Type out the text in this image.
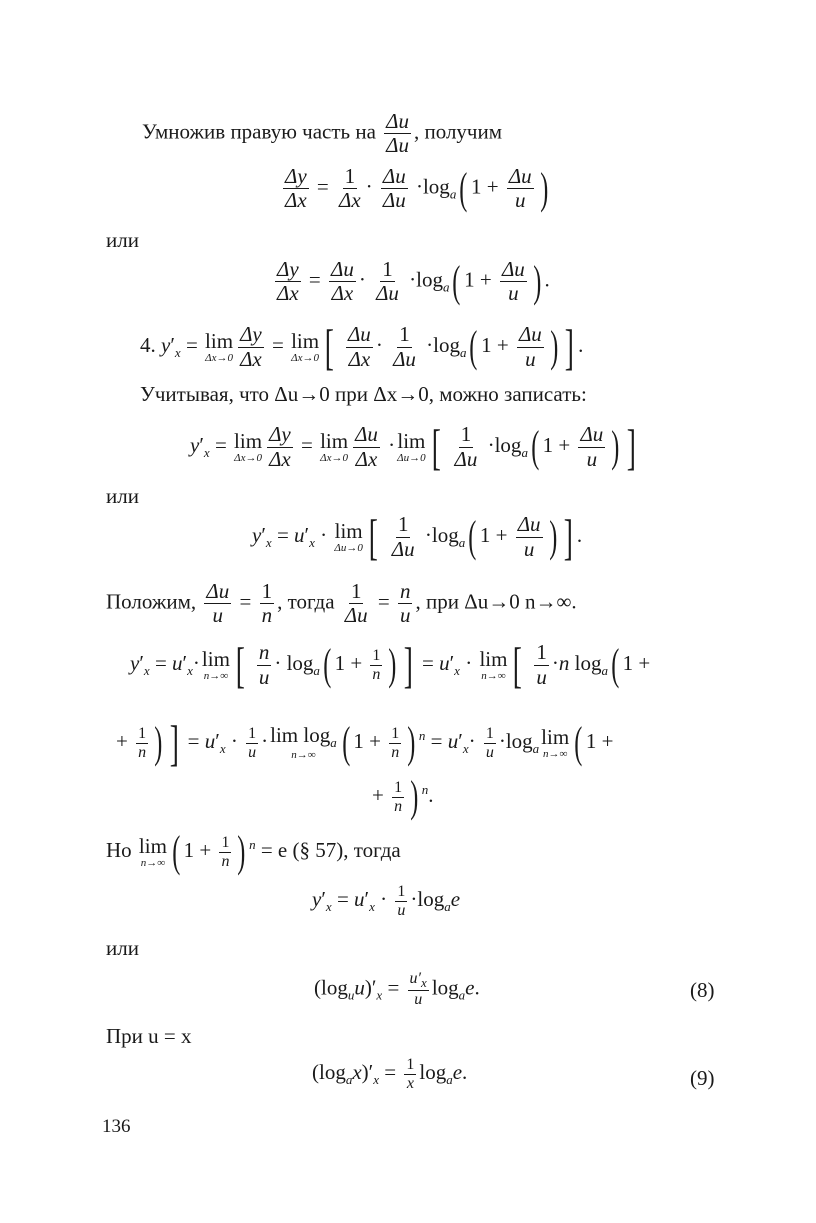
Умножив правую часть на $\frac{\Delta u}{\Delta u}$ , получим
$\frac{\Delta y}{\Delta x} = \frac{1}{\Delta x} \cdot \frac{\Delta u}{\Delta u} \cdot\log_a$( $1 + \frac{\Delta u}{u}$ )
или
$\frac{\Delta y}{\Delta x} = \frac{\Delta u}{\Delta x} \cdot \frac{1}{\Delta u} \cdot\log_a$( $1 + \frac{\Delta u}{u}$ ) .
4. $y'_x = \lim$
$\Delta x\to 0 \frac{\Delta y}{\Delta x} = \lim$
Δx→0 [ $\frac{\Delta u}{\Delta x} \cdot \frac{1}{\Delta u} \cdot\log_a$( $1 + \frac{\Delta u}{u}$ ) ] .
Учитывая, что Δu→0 при Δx→0, можно записать:
$y'_x = \lim$
$\Delta x\to 0 \frac{\Delta y}{\Delta x} = \lim$
$\Delta x\to 0 \frac{\Delta u}{\Delta x} \cdot \lim$
Δu→0 [ $\frac{1}{\Delta u} \cdot\log_a$( $1 + \frac{\Delta u}{u}$ ) ]
или
$y'_x = u'_x \cdot \lim$
Δu→0 [ $\frac{1}{\Delta u} \cdot\log_a$( $1 + \frac{\Delta u}{u}$ ) ] .
Положим, $\frac{\Delta u}{u} = \frac{1}{n}$ , тогда $\frac{1}{\Delta u} = \frac{n}{u}$ , при Δu→0 n→∞.
$y'_x = u'_x\cdot \lim$
n→∞ [ $\frac{n}{u} \cdot \log_a$( $1 + \frac{1}{n}$ ) ] = $u'_x \cdot \lim$
n→∞ [ $\frac{1}{u} \cdot n$ $\log_a$( 1 +
+ $\frac{1}{n}$ ) ] = $u'_x \cdot \frac{1}{u} \cdot \lim \log_a$
n→∞ ( $1 + \frac{1}{n}$ ) $^n = u'_x\cdot \frac{1}{u} \cdot\log_a$ lim
n→∞ ( 1 +
+ $\frac{1}{n}$ ) $^n$.
Но lim
n→∞ ( $1 + \frac{1}{n}$ ) $^n$ = e (§ 57), тогда
$y'_x = u'_x \cdot \frac{1}{u} \cdot\log_ae$
или
$(\log_uu)'_x = \frac{u'_x}{u} \log_ae$.	(8)
При u = x
$(\log_ax)'_x = \frac{1}{x} \log_ae$.	(9)
136
